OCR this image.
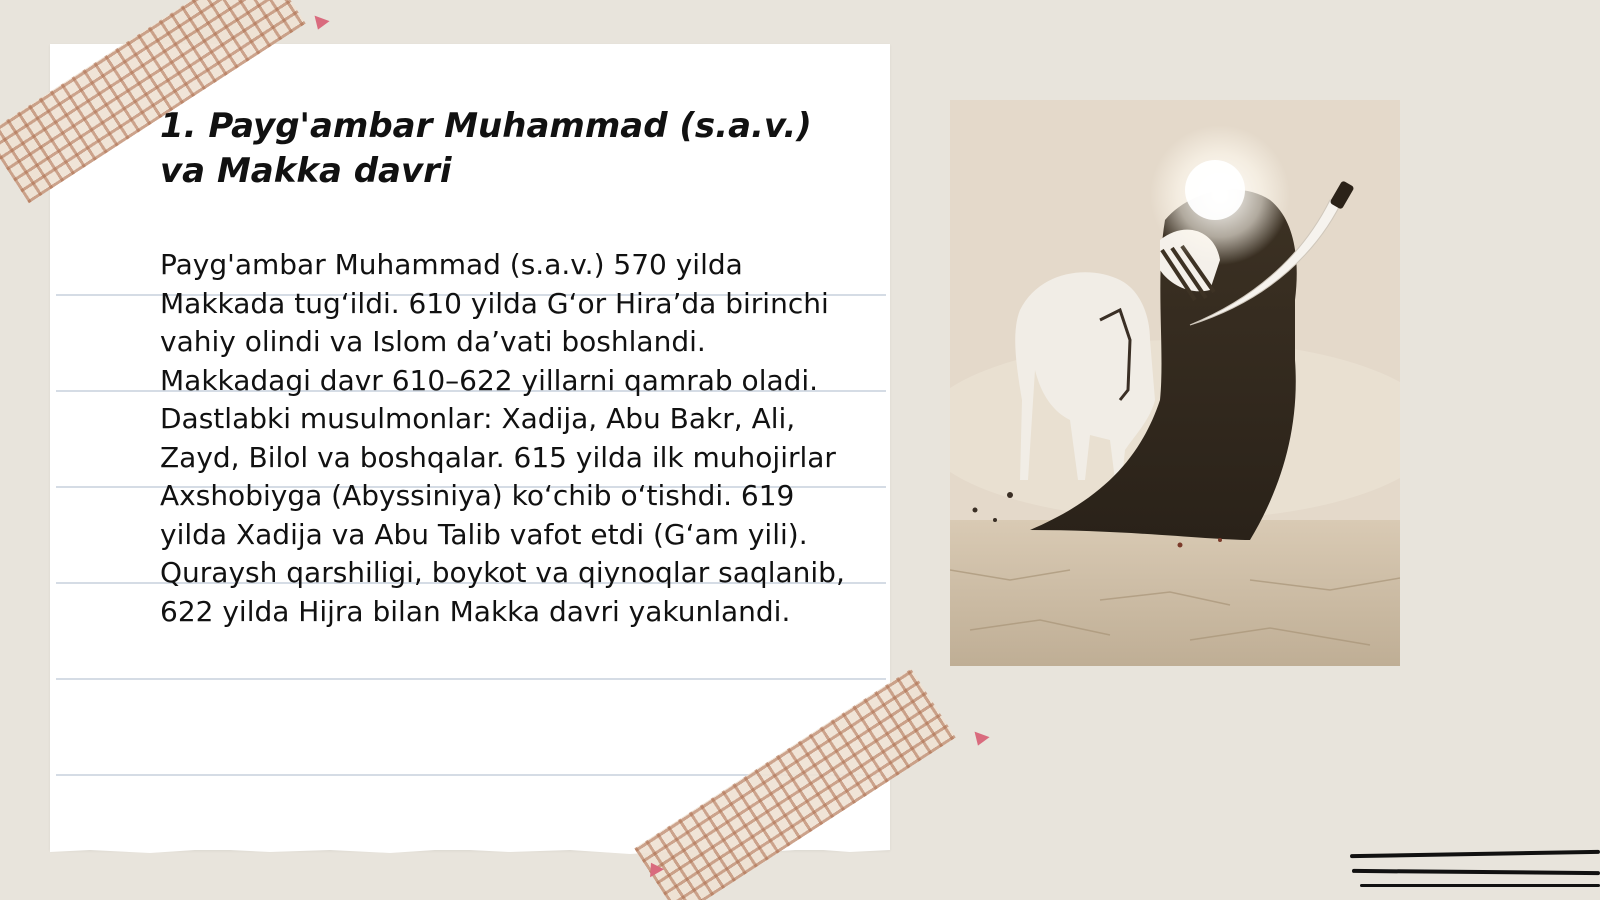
1. Payg'ambar Muhammad (s.a.v.) va Makka davri

Payg'ambar Muhammad (s.a.v.) 570 yilda Makkada tug‘ildi. 610 yilda G‘or Hira’da birinchi vahiy olindi va Islom da’vati boshlandi. Makkadagi davr 610–622 yillarni qamrab oladi. Dastlabki musulmonlar: Xadija, Abu Bakr, Ali, Zayd, Bilol va boshqalar. 615 yilda ilk muhojirlar Axshobiyga (Abyssiniya) ko‘chib o‘tishdi. 619 yilda Xadija va Abu Talib vafot etdi (G‘am yili). Quraysh qarshiligi, boykot va qiynoqlar saqlanib, 622 yilda Hijra bilan Makka davri yakunlandi.
